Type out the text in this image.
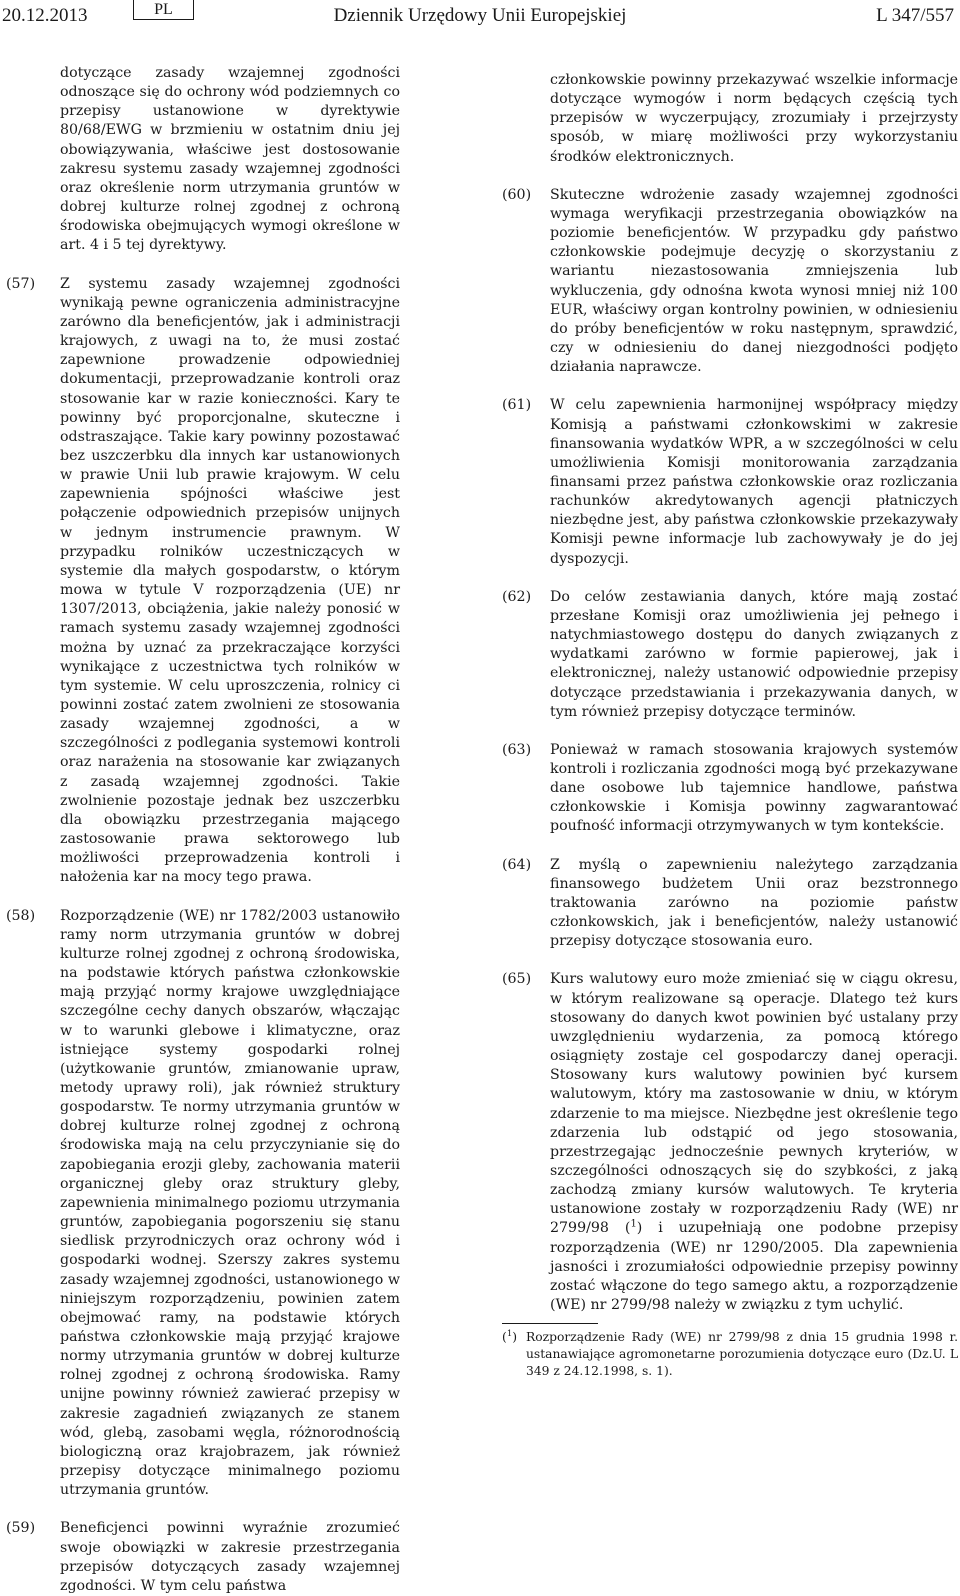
20.12.2013	PL	Dziennik Urzędowy Unii Europejskiej	L 347/557
dotyczące zasady wzajemnej zgodności odnoszące się do ochrony wód podziemnych co przepisy ustanowione w dyrektywie 80/68/EWG w brzmieniu w ostatnim dniu jej obowiązywania, właściwe jest dostosowanie zakresu systemu zasady wzajemnej zgodności oraz określenie norm utrzymania gruntów w dobrej kulturze rolnej zgodnej z ochroną środowiska obejmujących wymogi określone w art. 4 i 5 tej dyrektywy.
(57) Z systemu zasady wzajemnej zgodności wynikają pewne ograniczenia administracyjne zarówno dla beneficjentów, jak i administracji krajowych, z uwagi na to, że musi zostać zapewnione prowadzenie odpowiedniej dokumentacji, przeprowadzanie kontroli oraz stosowanie kar w razie konieczności. Kary te powinny być proporcjonalne, skuteczne i odstraszające. Takie kary powinny pozostawać bez uszczerbku dla innych kar ustanowionych w prawie Unii lub prawie krajowym. W celu zapewnienia spójności właściwe jest połączenie odpowiednich przepisów unijnych w jednym instrumencie prawnym. W przypadku rolników uczestniczących w systemie dla małych gospodarstw, o którym mowa w tytule V rozporządzenia (UE) nr 1307/2013, obciążenia, jakie należy ponosić w ramach systemu zasady wzajemnej zgodności można by uznać za przekraczające korzyści wynikające z uczestnictwa tych rolników w tym systemie. W celu uproszczenia, rolnicy ci powinni zostać zatem zwolnieni ze stosowania zasady wzajemnej zgodności, a w szczególności z podlegania systemowi kontroli oraz narażenia na stosowanie kar związanych z zasadą wzajemnej zgodności. Takie zwolnienie pozostaje jednak bez uszczerbku dla obowiązku przestrzegania mającego zastosowanie prawa sektorowego lub możliwości przeprowadzenia kontroli i nałożenia kar na mocy tego prawa.
(58) Rozporządzenie (WE) nr 1782/2003 ustanowiło ramy norm utrzymania gruntów w dobrej kulturze rolnej zgodnej z ochroną środowiska, na podstawie których państwa członkowskie mają przyjąć normy krajowe uwzględniające szczególne cechy danych obszarów, włączając w to warunki glebowe i klimatyczne, oraz istniejące systemy gospodarki rolnej (użytkowanie gruntów, zmianowanie upraw, metody uprawy roli), jak również struktury gospodarstw. Te normy utrzymania gruntów w dobrej kulturze rolnej zgodnej z ochroną środowiska mają na celu przyczynianie się do zapobiegania erozji gleby, zachowania materii organicznej gleby oraz struktury gleby, zapewnienia minimalnego poziomu utrzymania gruntów, zapobiegania pogorszeniu się stanu siedlisk przyrodniczych oraz ochrony wód i gospodarki wodnej. Szerszy zakres systemu zasady wzajemnej zgodności, ustanowionego w niniejszym rozporządzeniu, powinien zatem obejmować ramy, na podstawie których państwa członkowskie mają przyjąć krajowe normy utrzymania gruntów w dobrej kulturze rolnej zgodnej z ochroną środowiska. Ramy unijne powinny również zawierać przepisy w zakresie zagadnień związanych ze stanem wód, glebą, zasobami węgla, różnorodnością biologiczną oraz krajobrazem, jak również przepisy dotyczące minimalnego poziomu utrzymania gruntów.
(59) Beneficjenci powinni wyraźnie zrozumieć swoje obowiązki w zakresie przestrzegania przepisów dotyczących zasady wzajemnej zgodności. W tym celu państwa
członkowskie powinny przekazywać wszelkie informacje dotyczące wymogów i norm będących częścią tych przepisów w wyczerpujący, zrozumiały i przejrzysty sposób, w miarę możliwości przy wykorzystaniu środków elektronicznych.
(60) Skuteczne wdrożenie zasady wzajemnej zgodności wymaga weryfikacji przestrzegania obowiązków na poziomie beneficjentów. W przypadku gdy państwo członkowskie podejmuje decyzję o skorzystaniu z wariantu niezastosowania zmniejszenia lub wykluczenia, gdy odnośna kwota wynosi mniej niż 100 EUR, właściwy organ kontrolny powinien, w odniesieniu do próby beneficjentów w roku następnym, sprawdzić, czy w odniesieniu do danej niezgodności podjęto działania naprawcze.
(61) W celu zapewnienia harmonijnej współpracy między Komisją a państwami członkowskimi w zakresie finansowania wydatków WPR, a w szczególności w celu umożliwienia Komisji monitorowania zarządzania finansami przez państwa członkowskie oraz rozliczania rachunków akredytowanych agencji płatniczych niezbędne jest, aby państwa członkowskie przekazywały Komisji pewne informacje lub zachowywały je do jej dyspozycji.
(62) Do celów zestawiania danych, które mają zostać przesłane Komisji oraz umożliwienia jej pełnego i natychmiastowego dostępu do danych związanych z wydatkami zarówno w formie papierowej, jak i elektronicznej, należy ustanowić odpowiednie przepisy dotyczące przedstawiania i przekazywania danych, w tym również przepisy dotyczące terminów.
(63) Ponieważ w ramach stosowania krajowych systemów kontroli i rozliczania zgodności mogą być przekazywane dane osobowe lub tajemnice handlowe, państwa członkowskie i Komisja powinny zagwarantować poufność informacji otrzymywanych w tym kontekście.
(64) Z myślą o zapewnieniu należytego zarządzania finansowego budżetem Unii oraz bezstronnego traktowania zarówno na poziomie państw członkowskich, jak i beneficjentów, należy ustanowić przepisy dotyczące stosowania euro.
(65) Kurs walutowy euro może zmieniać się w ciągu okresu, w którym realizowane są operacje. Dlatego też kurs stosowany do danych kwot powinien być ustalany przy uwzględnieniu wydarzenia, za pomocą którego osiągnięty zostaje cel gospodarczy danej operacji. Stosowany kurs walutowy powinien być kursem walutowym, który ma zastosowanie w dniu, w którym zdarzenie to ma miejsce. Niezbędne jest określenie tego zdarzenia lub odstąpić od jego stosowania, przestrzegając jednocześnie pewnych kryteriów, w szczególności odnoszących się do szybkości, z jaką zachodzą zmiany kursów walutowych. Te kryteria ustanowione zostały w rozporządzeniu Rady (WE) nr 2799/98 ($^1$) i uzupełniają one podobne przepisy rozporządzenia (WE) nr 1290/2005. Dla zapewnienia jasności i zrozumiałości odpowiednie przepisy powinny zostać włączone do tego samego aktu, a rozporządzenie (WE) nr 2799/98 należy w związku z tym uchylić.
($^1$) Rozporządzenie Rady (WE) nr 2799/98 z dnia 15 grudnia 1998 r. ustanawiające agromonetarne porozumienia dotyczące euro (Dz.U. L 349 z 24.12.1998, s. 1).
